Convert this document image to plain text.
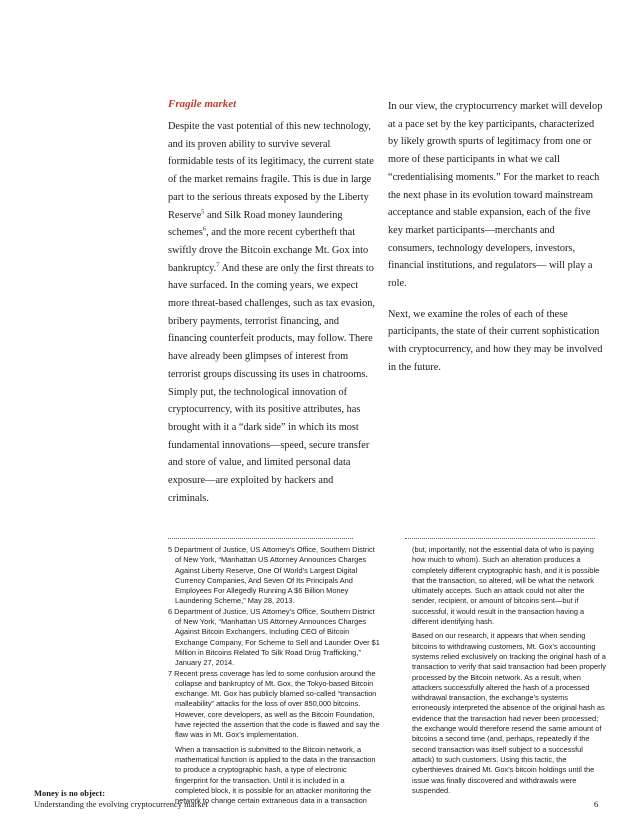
Fragile market

Despite the vast potential of this new technology, and its proven ability to survive several formidable tests of its legitimacy, the current state of the market remains fragile. This is due in large part to the serious threats exposed by the Liberty Reserve$^5$ and Silk Road money laundering schemes$^6$, and the more recent cybertheft that swiftly drove the Bitcoin exchange Mt. Gox into bankruptcy.$^7$ And these are only the first threats to have surfaced. In the coming years, we expect more threat-based challenges, such as tax evasion, bribery payments, terrorist financing, and financing counterfeit products, may follow. There have already been glimpses of interest from terrorist groups discussing its uses in chatrooms. Simply put, the technological innovation of cryptocurrency, with its positive attributes, has brought with it a “dark side” in which its most fundamental innovations—speed, secure transfer and store of value, and limited personal data exposure—are exploited by hackers and criminals.

In our view, the cryptocurrency market will develop at a pace set by the key participants, characterized by likely growth spurts of legitimacy from one or more of these participants in what we call “credentialising moments.” For the market to reach the next phase in its evolution toward mainstream acceptance and stable expansion, each of the five key market participants—merchants and consumers, technology developers, investors, financial institutions, and regulators— will play a role.

Next, we examine the roles of each of these participants, the state of their current sophistication with cryptocurrency, and how they may be involved in the future.

5 Department of Justice, US Attorney’s Office, Southern District of New York, “Manhattan US Attorney Announces Charges Against Liberty Reserve, One Of World’s Largest Digital Currency Companies, And Seven Of Its Principals And Employees For Allegedly Running A $6 Billion Money Laundering Scheme,” May 28, 2013.
6 Department of Justice, US Attorney’s Office, Southern District of New York, “Manhattan US Attorney Announces Charges Against Bitcoin Exchangers, Including CEO of Bitcoin Exchange Company, For Scheme to Sell and Launder Over $1 Million in Bitcoins Related To Silk Road Drug Trafficking,” January 27, 2014.
7 Recent press coverage has led to some confusion around the collapse and bankruptcy of Mt. Gox, the Tokyo-based Bitcoin exchange. Mt. Gox has publicly blamed so-called “transaction malleability” attacks for the loss of over 850,000 bitcoins. However, core developers, as well as the Bitcoin Foundation, have rejected the assertion that the code is flawed and say the flaw was in Mt. Gox’s implementation.
When a transaction is submitted to the Bitcoin network, a mathematical function is applied to the data in the transaction to produce a cryptographic hash, a type of electronic fingerprint for the transaction. Until it is included in a completed block, it is possible for an attacker monitoring the network to change certain extraneous data in a transaction
(but, importantly, not the essential data of who is paying how much to whom). Such an alteration produces a completely different cryptographic hash, and it is possible that the transaction, so altered, will be what the network ultimately accepts. Such an attack could not alter the sender, recipient, or amount of bitcoins sent—but if successful, it would result in the transaction having a different identifying hash.
Based on our research, it appears that when sending bitcoins to withdrawing customers, Mt. Gox’s accounting systems relied exclusively on tracking the original hash of a transaction to verify that said transaction had been properly processed by the Bitcoin network. As a result, when attackers successfully altered the hash of a processed withdrawal transaction, the exchange’s systems erroneously interpreted the absence of the original hash as evidence that the transaction had never been processed; the exchange would therefore resend the same amount of bitcoins a second time (and, perhaps, repeatedly if the second transaction was itself subject to a successful attack) to such customers. Using this tactic, the cyberthieves drained Mt. Gox’s bitcoin holdings until the issue was finally discovered and withdrawals were suspended.
Money is no object:
Understanding the evolving cryptocurrency market	6
